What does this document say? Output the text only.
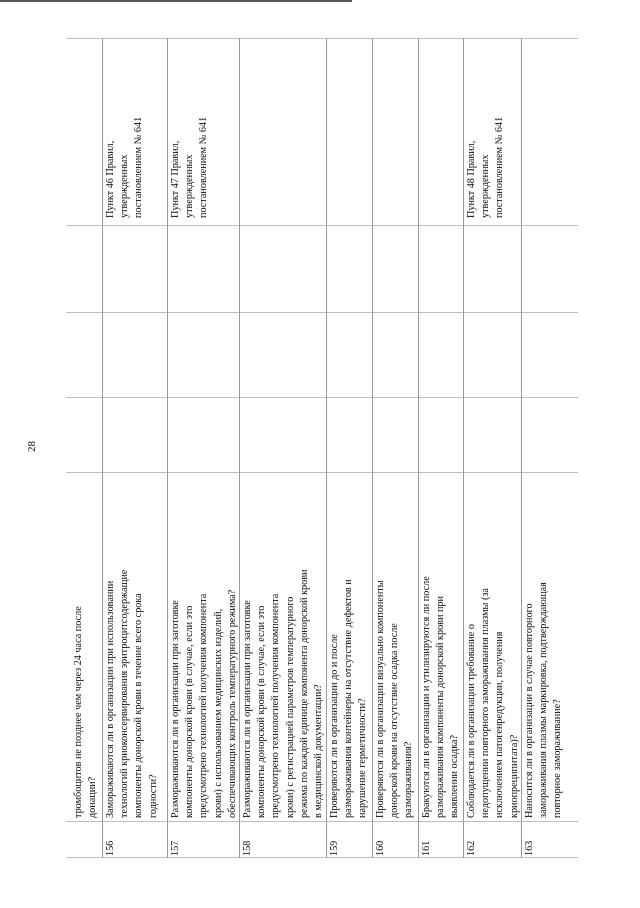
28
тромбоцитов не позднее чем через 24 часа после донации?
156
Замораживаются ли в организации при использовании технологий криоконсервирования эритроцитсодержащие компоненты донорской крови в течение всего срока годности?
Пункт 46 Правил, утвержденных постановлением № 641
157
Размораживаются ли в организации при заготовке компоненты донорской крови (в случае, если это предусмотрено технологией получения компонента крови) с использованием медицинских изделий, обеспечивающих контроль температурного режима?
Пункт 47 Правил, утвержденных постановлением № 641
158
Размораживаются ли в организации при заготовке компоненты донорской крови (в случае, если это предусмотрено технологией получения компонента крови) с регистрацией параметров температурного режима по каждой единице компонента донорской крови в медицинской документации?
159
Проверяются ли в организации до и после размораживания контейнеры на отсутствие дефектов и нарушение герметичности?
160
Проверяются ли в организации визуально компоненты донорской крови на отсутствие осадка после размораживания?
161
Бракуются ли в организации и утилизируются ли после размораживания компоненты донорской крови при выявлении осадка?
162
Соблюдается ли в организации требование о недопущении повторного замораживания плазмы (за исключением патогенредукции, получения криопреципитата)?
Пункт 48 Правил, утвержденных постановлением № 641
163
Наносится ли в организации в случае повторного замораживания плазмы маркировка, подтверждающая повторное замораживание?
